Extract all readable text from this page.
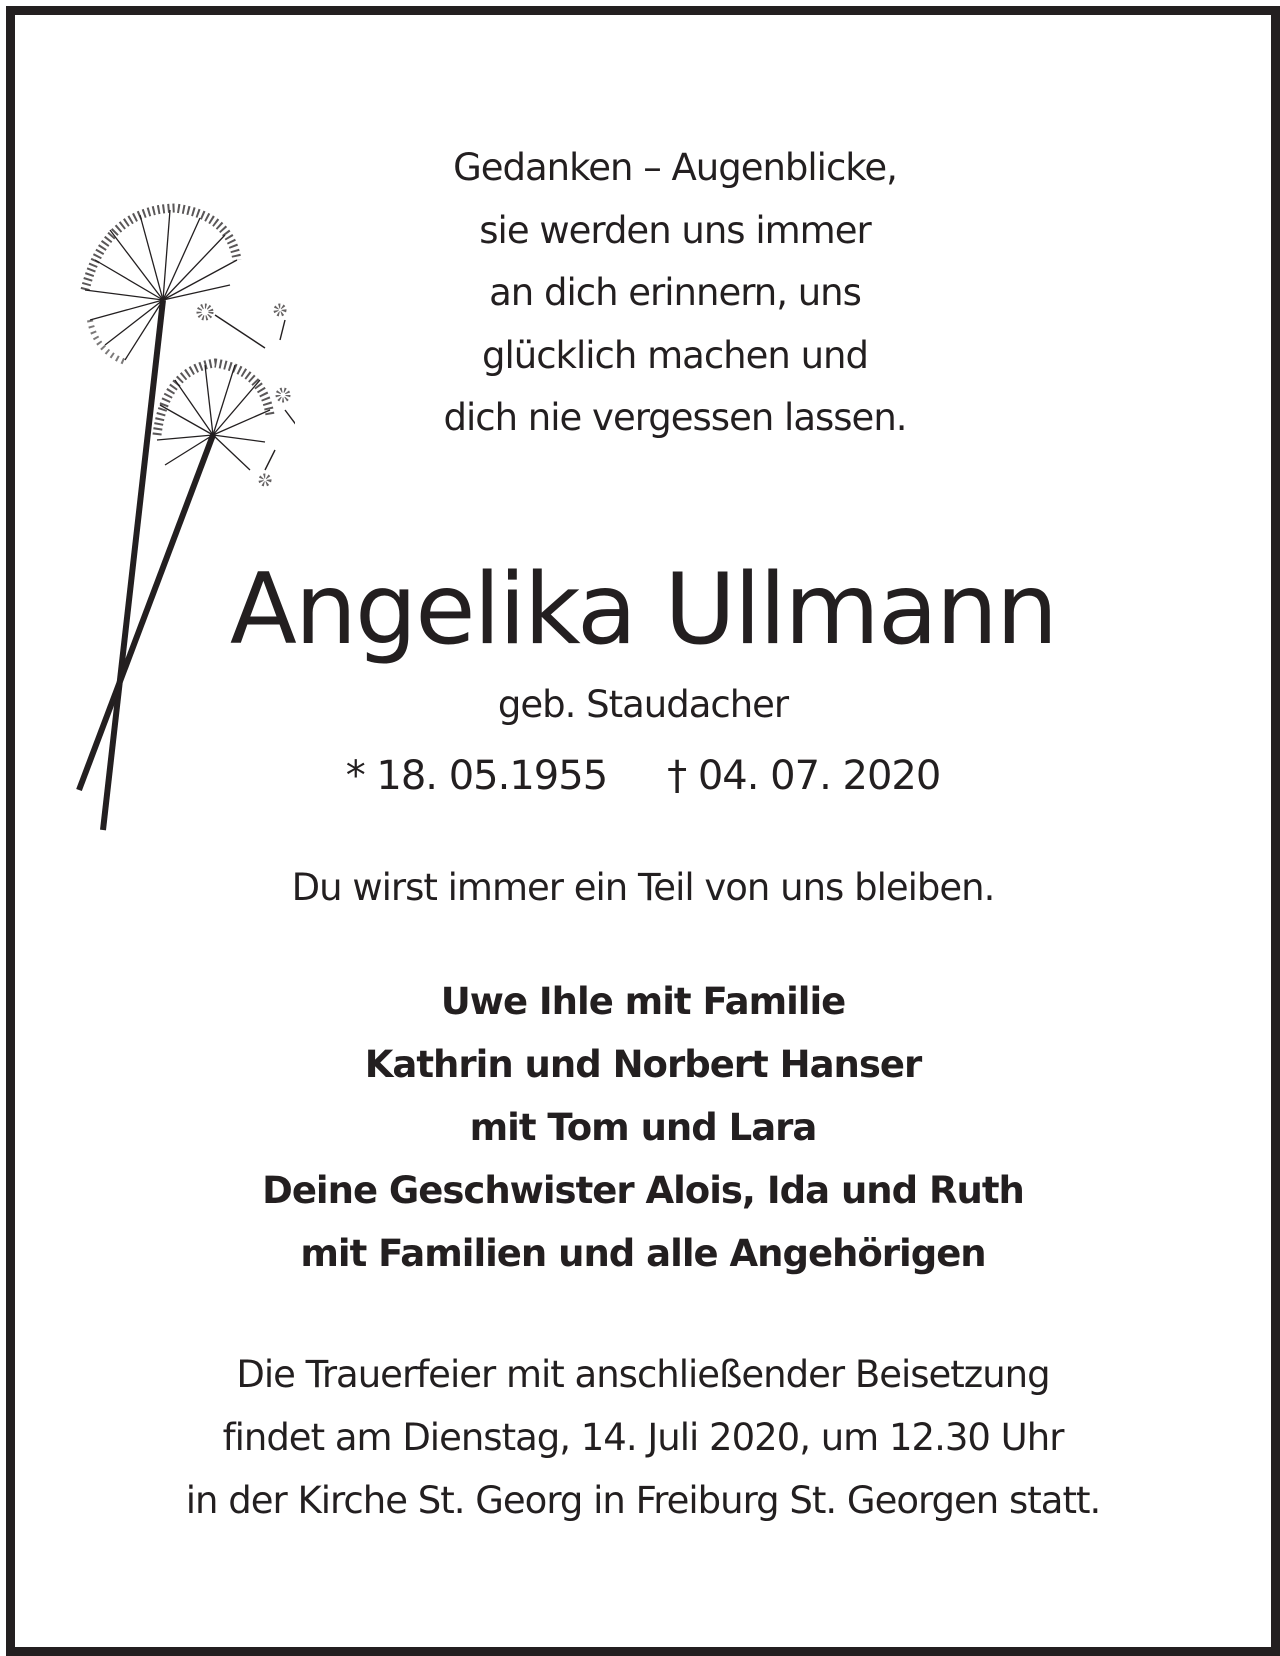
Gedanken – Augenblicke,
sie werden uns immer
an dich erinnern, uns
glücklich machen und
dich nie vergessen lassen.
Angelika Ullmann
geb. Staudacher
* 18. 05.1955 † 04. 07. 2020
Du wirst immer ein Teil von uns bleiben.
Uwe Ihle mit Familie
Kathrin und Norbert Hanser
mit Tom und Lara
Deine Geschwister Alois, Ida und Ruth
mit Familien und alle Angehörigen
Die Trauerfeier mit anschließender Beisetzung
findet am Dienstag, 14. Juli 2020, um 12.30 Uhr
in der Kirche St. Georg in Freiburg St. Georgen statt.
